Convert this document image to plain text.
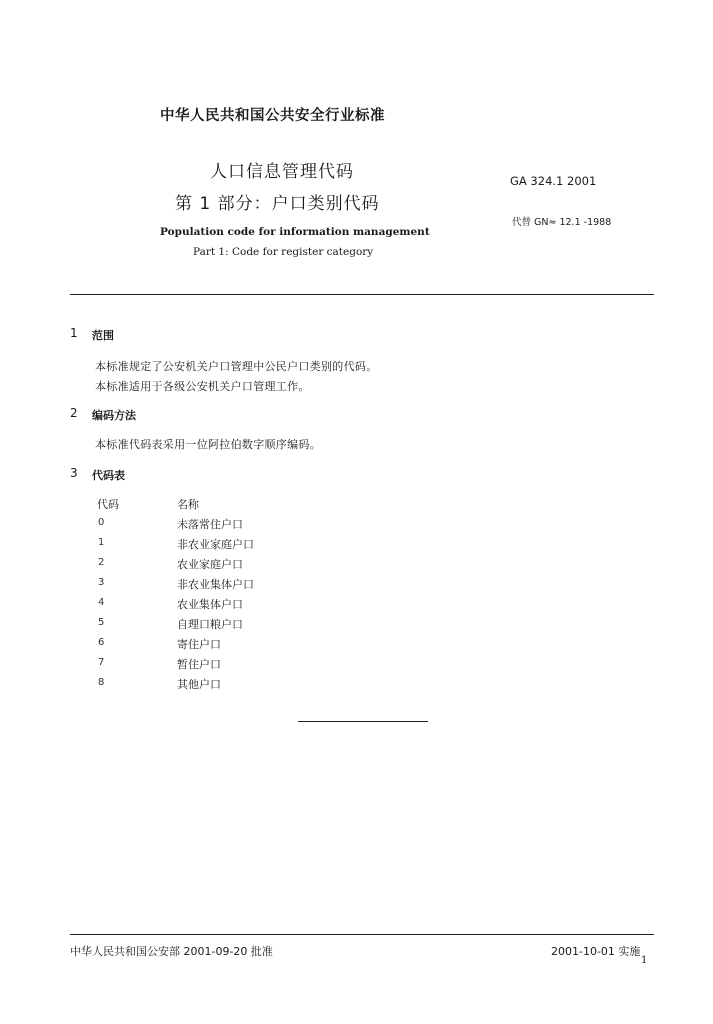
中华人民共和国公共安全行业标准
人口信息管理代码
第 1 部分：户口类别代码
Population code for information management
Part 1: Code for register category
GA 324.1 2001
代替 GN≈ 12.1 -1988
1 范围
本标准规定了公安机关户口管理中公民户口类别的代码。
本标准适用于各级公安机关户口管理工作。
2 编码方法
本标准代码表采用一位阿拉伯数字顺序编码。
3 代码表
代码	名称
0	未落常住户口
1	非农业家庭户口
2	农业家庭户口
3	非农业集体户口
4	农业集体户口
5	自理口粮户口
6	寄住户口
7	暂住户口
8	其他户口
中华人民共和国公安部 2001-09-20 批准	2001-10-01 实施
1
